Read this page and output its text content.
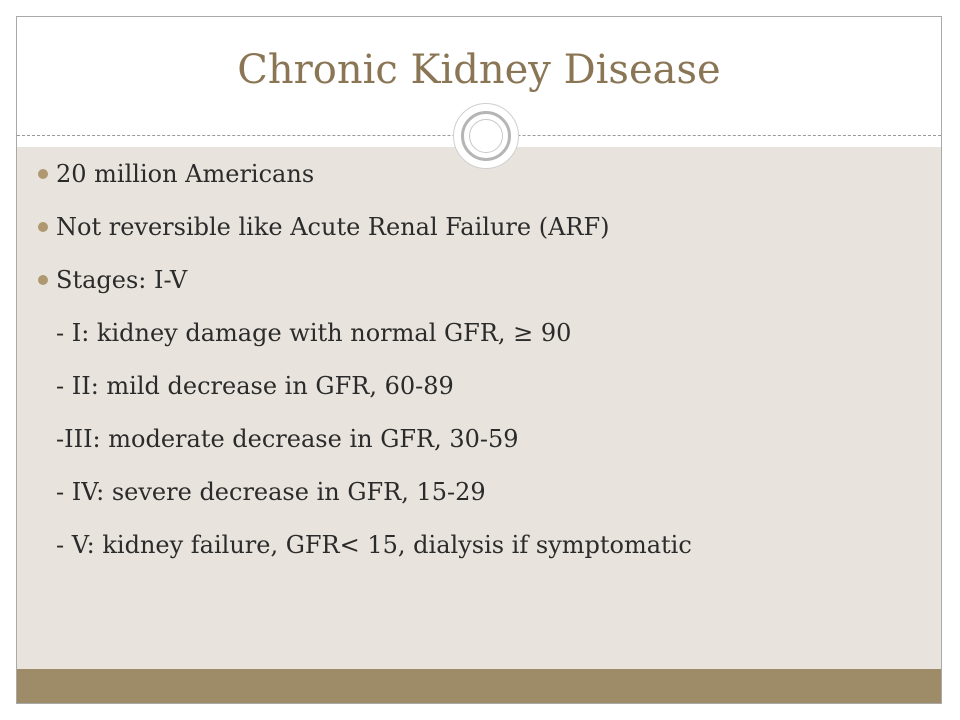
Chronic Kidney Disease
20 million Americans
Not reversible like Acute Renal Failure (ARF)
Stages: I-V
- I: kidney damage with normal GFR, ≥ 90
- II: mild decrease in GFR, 60-89
-III: moderate decrease in GFR, 30-59
- IV: severe decrease in GFR, 15-29
- V: kidney failure, GFR< 15, dialysis if symptomatic
